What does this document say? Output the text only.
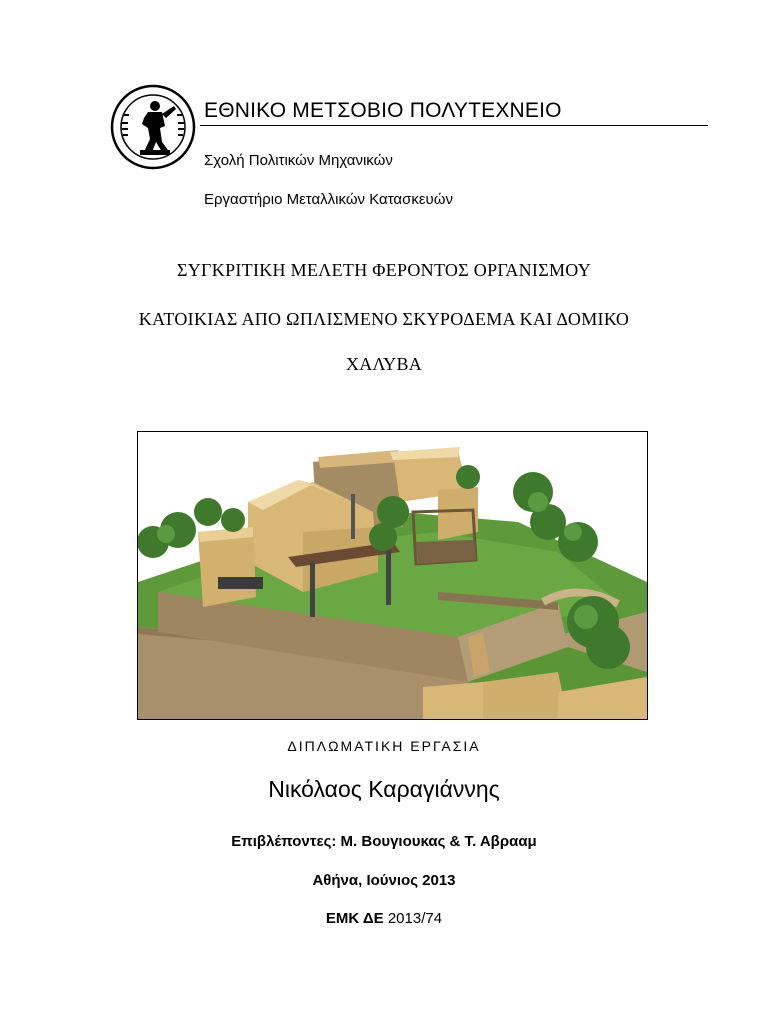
ΕΘΝΙΚΟ ΜΕΤΣΟΒΙΟ ΠΟΛΥΤΕΧΝΕΙΟ
Σχολή Πολιτικών Μηχανικών
Εργαστήριο Μεταλλικών Κατασκευών
ΣΥΓΚΡΙΤΙΚΗ ΜΕΛΕΤΗ ΦΕΡΟΝΤΟΣ ΟΡΓΑΝΙΣΜΟΥ
ΚΑΤΟΙΚΙΑΣ ΑΠΟ ΩΠΛΙΣΜΕΝΟ ΣΚΥΡΟΔΕΜΑ ΚΑΙ ΔΟΜΙΚΟ
ΧΑΛΥΒΑ
ΔΙΠΛΩΜΑΤΙΚΗ ΕΡΓΑΣΙΑ
Νικόλαος Καραγιάννης
Επιβλέποντες: Μ. Βουγιουκας & Τ. Αβρααμ
Αθήνα, Ιούνιος 2013
ΕΜΚ ΔΕ 2013/74
